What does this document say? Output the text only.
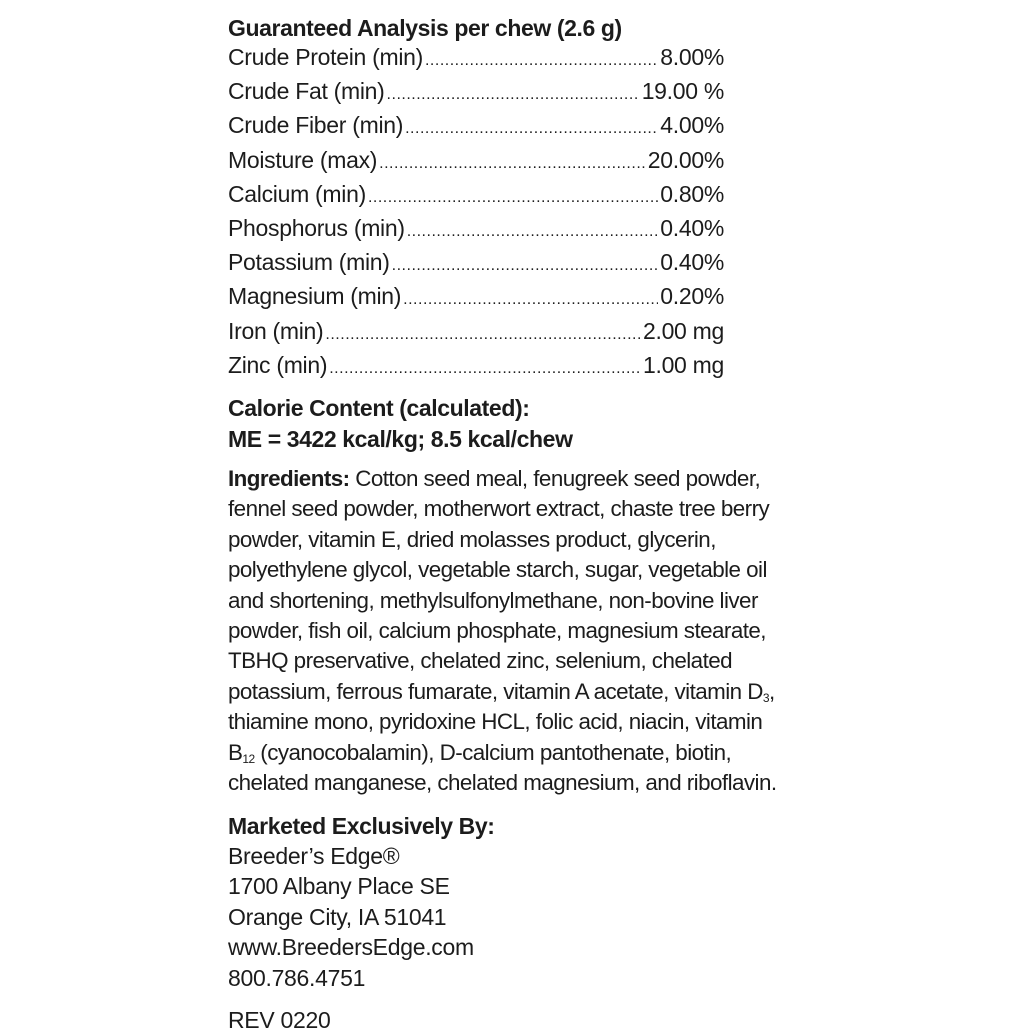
Guaranteed Analysis per chew (2.6 g)
Crude Protein (min) .....	8.00%
Crude Fat (min) .....	19.00 %
Crude Fiber (min) .....	4.00%
Moisture (max) .....	20.00%
Calcium (min) .....	0.80%
Phosphorus (min) .....	0.40%
Potassium (min) .....	0.40%
Magnesium (min) .....	0.20%
Iron (min) .....	2.00 mg
Zinc (min) .....	1.00 mg
Calorie Content (calculated):

ME = 3422 kcal/kg; 8.5 kcal/chew

Ingredients: Cotton seed meal, fenugreek seed powder,
fennel seed powder, motherwort extract, chaste tree berry
powder, vitamin E, dried molasses product, glycerin,
polyethylene glycol, vegetable starch, sugar, vegetable oil
and shortening, methylsulfonylmethane, non-bovine liver
powder, fish oil, calcium phosphate, magnesium stearate,
TBHQ preservative, chelated zinc, selenium, chelated
potassium, ferrous fumarate, vitamin A acetate, vitamin $D_3$,
thiamine mono, pyridoxine HCL, folic acid, niacin, vitamin
$B_{12}$ (cyanocobalamin), D-calcium pantothenate, biotin,
chelated manganese, chelated magnesium, and riboflavin.
Marketed Exclusively By:
Breeder’s Edge®
1700 Albany Place SE
Orange City, IA 51041
www.BreedersEdge.com
800.786.4751
REV 0220
